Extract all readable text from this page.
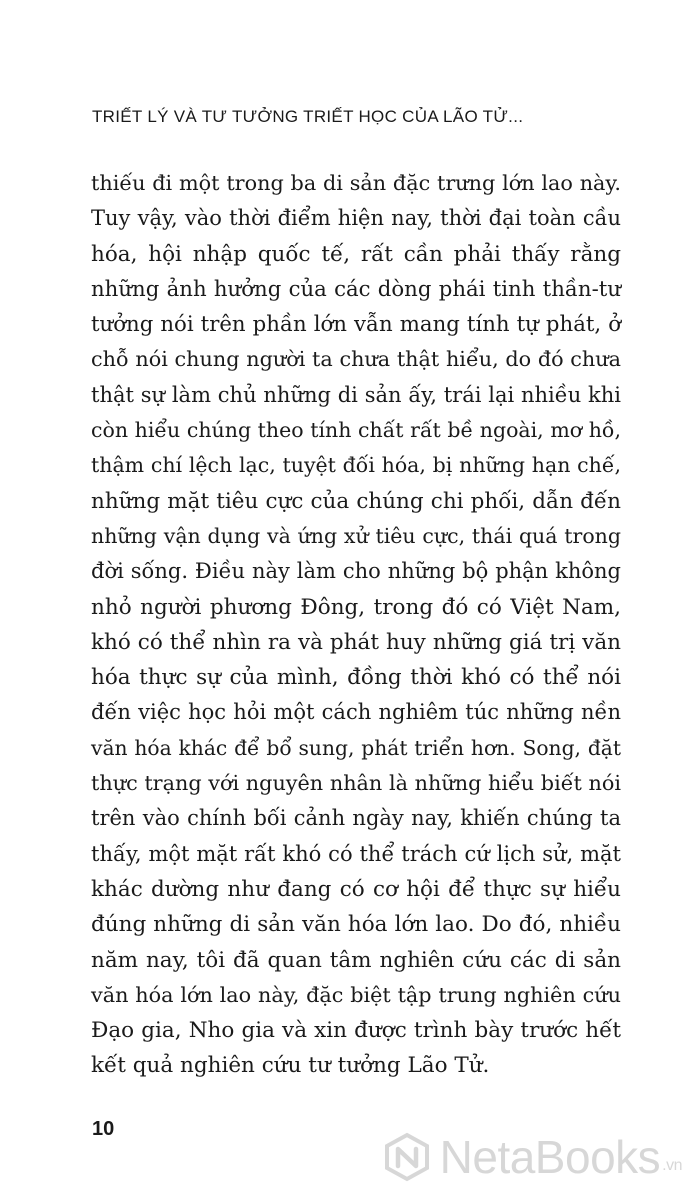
TRIẾT LÝ VÀ TƯ TƯỞNG TRIẾT HỌC CỦA LÃO TỬ...
thiếu đi một trong ba di sản đặc trưng lớn lao này.
Tuy vậy, vào thời điểm hiện nay, thời đại toàn cầu
hóa, hội nhập quốc tế, rất cần phải thấy rằng
những ảnh hưởng của các dòng phái tinh thần-tư
tưởng nói trên phần lớn vẫn mang tính tự phát, ở
chỗ nói chung người ta chưa thật hiểu, do đó chưa
thật sự làm chủ những di sản ấy, trái lại nhiều khi
còn hiểu chúng theo tính chất rất bề ngoài, mơ hồ,
thậm chí lệch lạc, tuyệt đối hóa, bị những hạn chế,
những mặt tiêu cực của chúng chi phối, dẫn đến
những vận dụng và ứng xử tiêu cực, thái quá trong
đời sống. Điều này làm cho những bộ phận không
nhỏ người phương Đông, trong đó có Việt Nam,
khó có thể nhìn ra và phát huy những giá trị văn
hóa thực sự của mình, đồng thời khó có thể nói
đến việc học hỏi một cách nghiêm túc những nền
văn hóa khác để bổ sung, phát triển hơn. Song, đặt
thực trạng với nguyên nhân là những hiểu biết nói
trên vào chính bối cảnh ngày nay, khiến chúng ta
thấy, một mặt rất khó có thể trách cứ lịch sử, mặt
khác dường như đang có cơ hội để thực sự hiểu
đúng những di sản văn hóa lớn lao. Do đó, nhiều
năm nay, tôi đã quan tâm nghiên cứu các di sản
văn hóa lớn lao này, đặc biệt tập trung nghiên cứu
Đạo gia, Nho gia và xin được trình bày trước hết
kết quả nghiên cứu tư tưởng Lão Tử.
10
NetaBooks .vn
